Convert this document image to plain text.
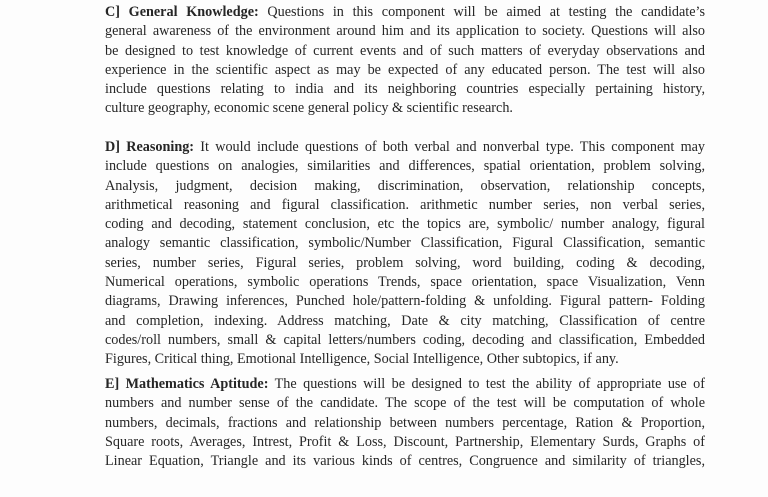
C] General Knowledge: Questions in this component will be aimed at testing the candidate’s
general awareness of the environment around him and its application to society. Questions will also
be designed to test knowledge of current events and of such matters of everyday observations and
experience in the scientific aspect as may be expected of any educated person. The test will also
include questions relating to india and its neighboring countries especially pertaining history,
culture geography, economic scene general policy & scientific research.
D] Reasoning: It would include questions of both verbal and nonverbal type. This component may
include questions on analogies, similarities and differences, spatial orientation, problem solving,
Analysis, judgment, decision making, discrimination, observation, relationship concepts,
arithmetical reasoning and figural classification. arithmetic number series, non verbal series,
coding and decoding, statement conclusion, etc the topics are, symbolic/ number analogy, figural
analogy semantic classification, symbolic/Number Classification, Figural Classification, semantic
series, number series, Figural series, problem solving, word building, coding & decoding,
Numerical operations, symbolic operations Trends, space orientation, space Visualization, Venn
diagrams, Drawing inferences, Punched hole/pattern-folding & unfolding. Figural pattern- Folding
and completion, indexing. Address matching, Date & city matching, Classification of centre
codes/roll numbers, small & capital letters/numbers coding, decoding and classification, Embedded
Figures, Critical thing, Emotional Intelligence, Social Intelligence, Other subtopics, if any.
E] Mathematics Aptitude: The questions will be designed to test the ability of appropriate use of
numbers and number sense of the candidate. The scope of the test will be computation of whole
numbers, decimals, fractions and relationship between numbers percentage, Ration & Proportion,
Square roots, Averages, Intrest, Profit & Loss, Discount, Partnership, Elementary Surds, Graphs of
Linear Equation, Triangle and its various kinds of centres, Congruence and similarity of triangles,
